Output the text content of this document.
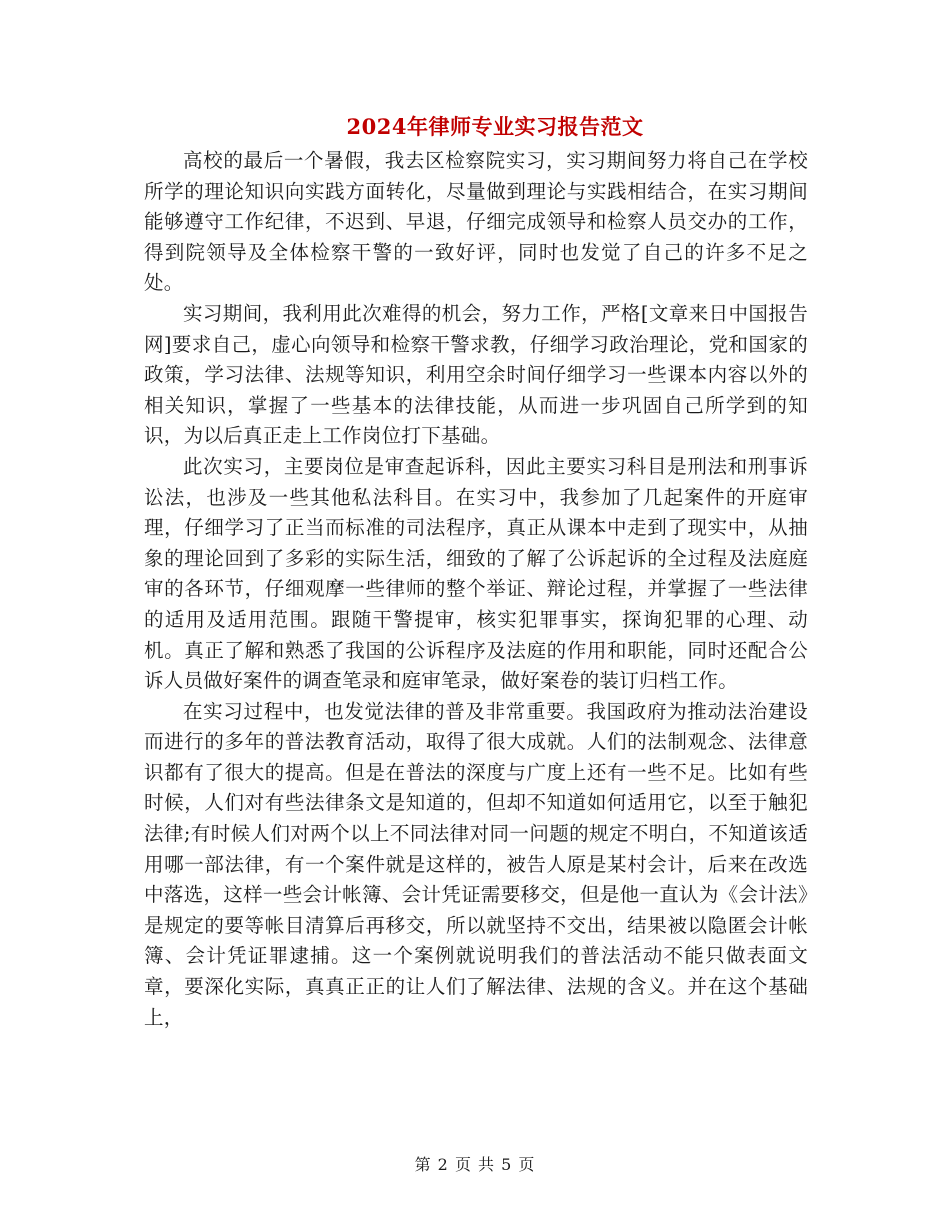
2024年律师专业实习报告范文

高校的最后一个暑假，我去区检察院实习，实习期间努力将自己在学校所学的理论知识向实践方面转化，尽量做到理论与实践相结合，在实习期间能够遵守工作纪律，不迟到、早退，仔细完成领导和检察人员交办的工作，得到院领导及全体检察干警的一致好评，同时也发觉了自己的许多不足之处。

实习期间，我利用此次难得的机会，努力工作，严格[文章来日中国报告网]要求自己，虚心向领导和检察干警求教，仔细学习政治理论，党和国家的政策，学习法律、法规等知识，利用空余时间仔细学习一些课本内容以外的相关知识，掌握了一些基本的法律技能，从而进一步巩固自己所学到的知识，为以后真正走上工作岗位打下基础。

此次实习，主要岗位是审查起诉科，因此主要实习科目是刑法和刑事诉讼法，也涉及一些其他私法科目。在实习中，我参加了几起案件的开庭审理，仔细学习了正当而标准的司法程序，真正从课本中走到了现实中，从抽象的理论回到了多彩的实际生活，细致的了解了公诉起诉的全过程及法庭庭审的各环节，仔细观摩一些律师的整个举证、辩论过程，并掌握了一些法律的适用及适用范围。跟随干警提审，核实犯罪事实，探询犯罪的心理、动机。真正了解和熟悉了我国的公诉程序及法庭的作用和职能，同时还配合公诉人员做好案件的调查笔录和庭审笔录，做好案卷的装订归档工作。

在实习过程中，也发觉法律的普及非常重要。我国政府为推动法治建设而进行的多年的普法教育活动，取得了很大成就。人们的法制观念、法律意识都有了很大的提高。但是在普法的深度与广度上还有一些不足。比如有些时候，人们对有些法律条文是知道的，但却不知道如何适用它，以至于触犯法律;有时候人们对两个以上不同法律对同一问题的规定不明白，不知道该适用哪一部法律，有一个案件就是这样的，被告人原是某村会计，后来在改选中落选，这样一些会计帐簿、会计凭证需要移交，但是他一直认为《会计法》是规定的要等帐目清算后再移交，所以就坚持不交出，结果被以隐匿会计帐簿、会计凭证罪逮捕。这一个案例就说明我们的普法活动不能只做表面文章，要深化实际，真真正正的让人们了解法律、法规的含义。并在这个基础上，

第 2 页 共 5 页
